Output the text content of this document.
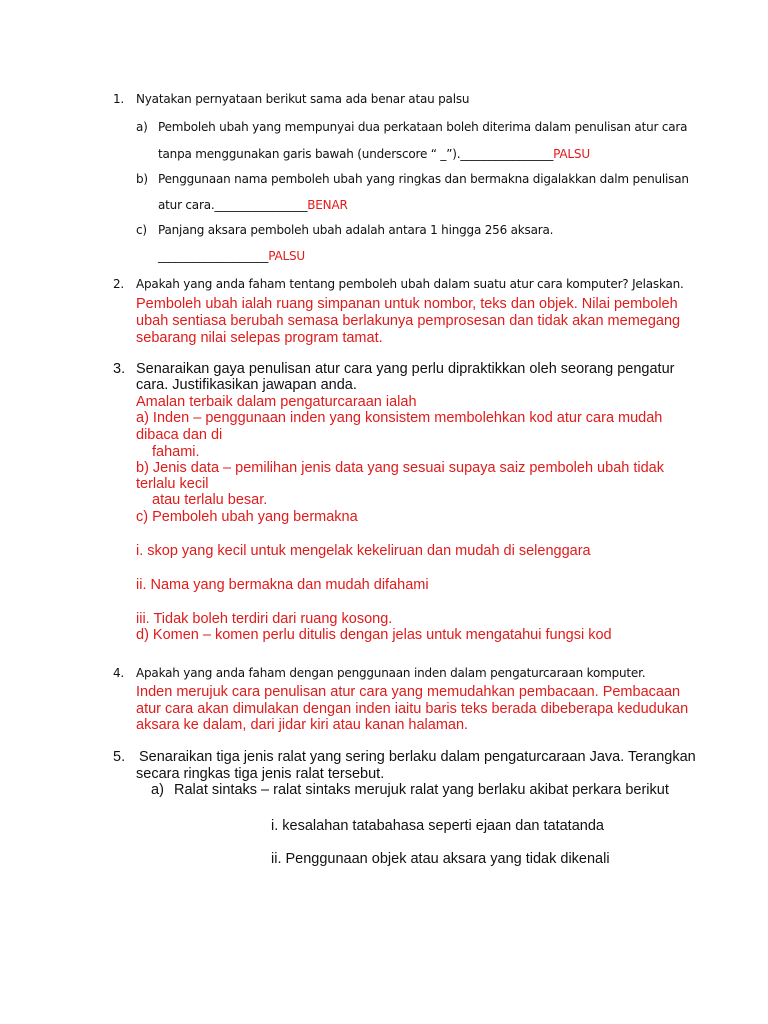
1. Nyatakan pernyataan berikut sama ada benar atau palsu
a) Pemboleh ubah yang mempunyai dua perkataan boleh diterima dalam penulisan atur cara
tanpa menggunakan garis bawah (underscore “ _”).________________PALSU
b) Penggunaan nama pemboleh ubah yang ringkas dan bermakna digalakkan dalm penulisan
atur cara.________________BENAR
c) Panjang aksara pemboleh ubah adalah antara 1 hingga 256 aksara.
___________________PALSU
2. Apakah yang anda faham tentang pemboleh ubah dalam suatu atur cara komputer? Jelaskan.
Pemboleh ubah ialah ruang simpanan untuk nombor, teks dan objek. Nilai pemboleh
ubah sentiasa berubah semasa berlakunya pemprosesan dan tidak akan memegang
sebarang nilai selepas program tamat.
3. Senaraikan gaya penulisan atur cara yang perlu dipraktikkan oleh seorang pengatur
cara. Justifikasikan jawapan anda.
Amalan terbaik dalam pengaturcaraan ialah
a) Inden – penggunaan inden yang konsistem membolehkan kod atur cara mudah
dibaca dan di
fahami.
b) Jenis data – pemilihan jenis data yang sesuai supaya saiz pemboleh ubah tidak
terlalu kecil
atau terlalu besar.
c) Pemboleh ubah yang bermakna
i. skop yang kecil untuk mengelak kekeliruan dan mudah di selenggara
ii. Nama yang bermakna dan mudah difahami
iii. Tidak boleh terdiri dari ruang kosong.
d) Komen – komen perlu ditulis dengan jelas untuk mengatahui fungsi kod
4. Apakah yang anda faham dengan penggunaan inden dalam pengaturcaraan komputer.
Inden merujuk cara penulisan atur cara yang memudahkan pembacaan. Pembacaan
atur cara akan dimulakan dengan inden iaitu baris teks berada dibeberapa kedudukan
aksara ke dalam, dari jidar kiri atau kanan halaman.
5. Senaraikan tiga jenis ralat yang sering berlaku dalam pengaturcaraan Java. Terangkan
secara ringkas tiga jenis ralat tersebut.
a) Ralat sintaks – ralat sintaks merujuk ralat yang berlaku akibat perkara berikut
i. kesalahan tatabahasa seperti ejaan dan tatatanda
ii. Penggunaan objek atau aksara yang tidak dikenali
